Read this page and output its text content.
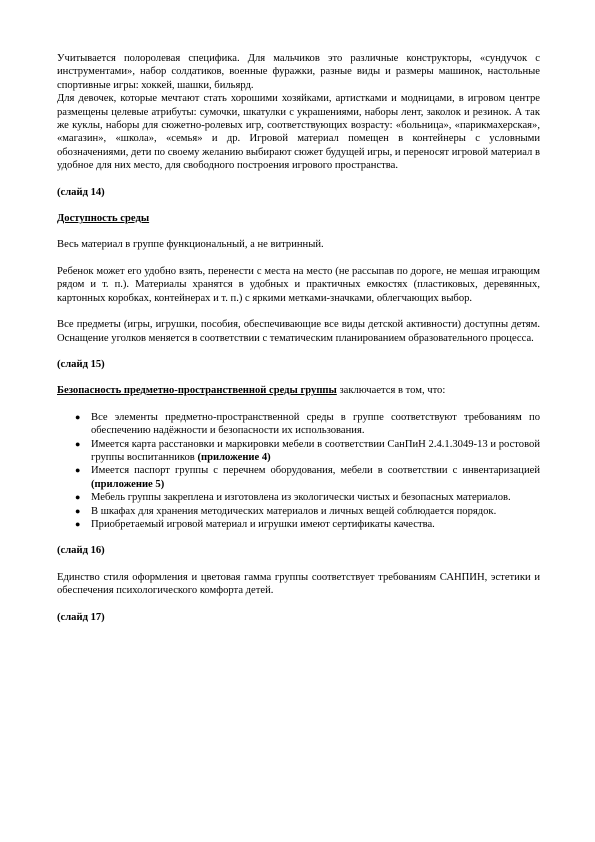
Учитывается полоролевая специфика. Для мальчиков это различные конструкторы, «сундучок с инструментами», набор солдатиков, военные фуражки, разные виды и размеры машинок, настольные спортивные игры: хоккей, шашки, бильярд.

Для девочек, которые мечтают стать хорошими хозяйками, артистками и модницами, в игровом центре размещены целевые атрибуты: сумочки, шкатулки с украшениями, наборы лент, заколок и резинок. А так же куклы, наборы для сюжетно-ролевых игр, соответствующих возрасту: «больница», «парикмахерская», «магазин», «школа», «семья» и др. Игровой материал помещен в контейнеры с условными обозначениями, дети по своему желанию выбирают сюжет будущей игры, и переносят игровой материал в удобное для них место, для свободного построения игрового пространства.

(слайд 14)

Доступность среды

Весь материал в группе функциональный, а не витринный.

Ребенок может его удобно взять, перенести с места на место (не рассыпав по дороге, не мешая играющим рядом и т. п.). Материалы хранятся в удобных и практичных емкостях (пластиковых, деревянных, картонных коробках, контейнерах и т. п.) с яркими метками-значками, облегчающих выбор.

Все предметы (игры, игрушки, пособия, обеспечивающие все виды детской активности) доступны детям. Оснащение уголков меняется в соответствии с тематическим планированием образовательного процесса.

(слайд 15)

Безопасность предметно-пространственной среды группы заключается в том, что:

● Все элементы предметно-пространственной среды в группе соответствуют требованиям по обеспечению надёжности и безопасности их использования.
● Имеется карта расстановки и маркировки мебели в соответствии СанПиН 2.4.1.3049-13 и ростовой группы воспитанников (приложение 4)
● Имеется паспорт группы с перечнем оборудования, мебели в соответствии с инвентаризацией (приложение 5)
● Мебель группы закреплена и изготовлена из экологически чистых и безопасных материалов.
● В шкафах для хранения методических материалов и личных вещей соблюдается порядок.
● Приобретаемый игровой материал и игрушки имеют сертификаты качества.

(слайд 16)

Единство стиля оформления и цветовая гамма группы соответствует требованиям САНПИН, эстетики и обеспечения психологического комфорта детей.

(слайд 17)
